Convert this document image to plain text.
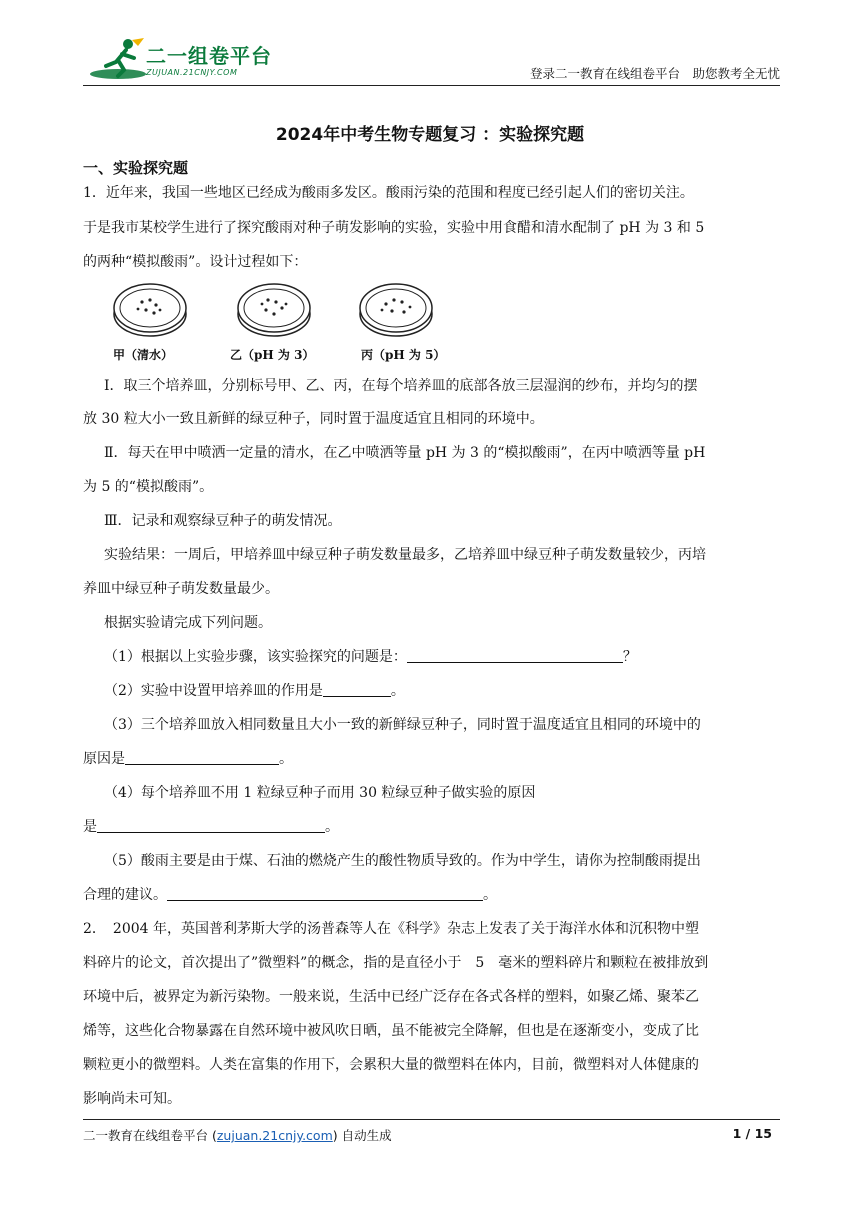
二一组卷平台
ZUJUAN.21CNJY.COM	登录二一教育在线组卷平台　助您教考全无忧
2024年中考生物专题复习 ：实验探究题
一、实验探究题
1．近年来，我国一些地区已经成为酸雨多发区。酸雨污染的范围和程度已经引起人们的密切关注。
于是我市某校学生进行了探究酸雨对种子萌发影响的实验，实验中用食醋和清水配制了 pH 为 3 和 5
的两种“模拟酸雨”。设计过程如下：
甲（清水）	乙（pH 为 3）	丙（pH 为 5）
Ⅰ．取三个培养皿，分别标号甲、乙、丙，在每个培养皿的底部各放三层湿润的纱布，并均匀的摆
放 30 粒大小一致且新鲜的绿豆种子，同时置于温度适宜且相同的环境中。
Ⅱ．每天在甲中喷洒一定量的清水，在乙中喷洒等量 pH 为 3 的“模拟酸雨”，在丙中喷洒等量 pH
为 5 的“模拟酸雨”。
Ⅲ．记录和观察绿豆种子的萌发情况。
实验结果：一周后，甲培养皿中绿豆种子萌发数量最多，乙培养皿中绿豆种子萌发数量较少，丙培
养皿中绿豆种子萌发数量最少。
根据实验请完成下列问题。
（1）根据以上实验步骤，该实验探究的问题是：	？
（2）实验中设置甲培养皿的作用是	。
（3）三个培养皿放入相同数量且大小一致的新鲜绿豆种子，同时置于温度适宜且相同的环境中的
原因是	。
（4）每个培养皿不用 1 粒绿豆种子而用 30 粒绿豆种子做实验的原因
是	。
（5）酸雨主要是由于煤、石油的燃烧产生的酸性物质导致的。作为中学生，请你为控制酸雨提出
合理的建议。	。
2．　2004 年，英国普利茅斯大学的汤普森等人在《科学》杂志上发表了关于海洋水体和沉积物中塑
料碎片的论文，首次提出了”微塑料”的概念，指的是直径小于　5　毫米的塑料碎片和颗粒在被排放到
环境中后，被界定为新污染物。一般来说，生活中已经广泛存在各式各样的塑料，如聚乙烯、聚苯乙
烯等，这些化合物暴露在自然环境中被风吹日晒，虽不能被完全降解，但也是在逐渐变小，变成了比
颗粒更小的微塑料。人类在富集的作用下，会累积大量的微塑料在体内，目前，微塑料对人体健康的
影响尚未可知。
二一教育在线组卷平台 (zujuan.21cnjy.com) 自动生成	1 / 15
